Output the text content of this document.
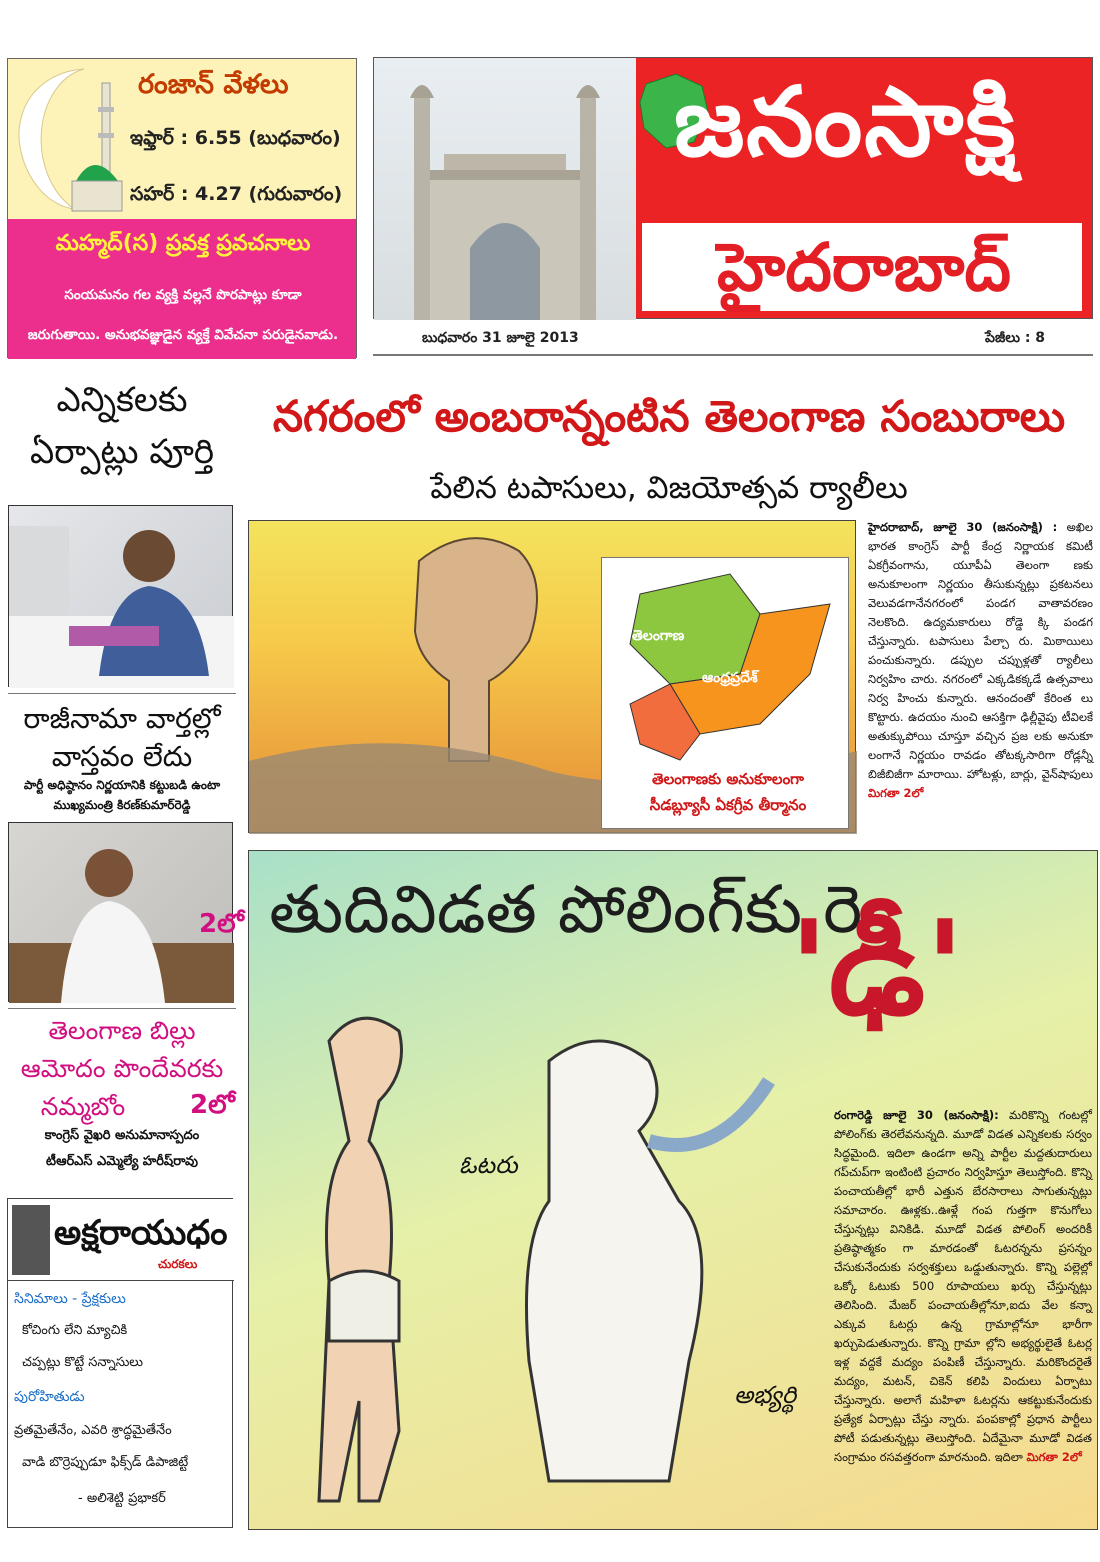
రంజాన్ వేళలు
ఇఫ్తార్ : 6.55 (బుధవారం)
సహర్ : 4.27 (గురువారం)
మహ్మద్(స) ప్రవక్త ప్రవచనాలు
సంయమనం గల వ్యక్తి వల్లనే పొరపాట్లు కూడా
జరుగుతాయి. అనుభవజ్ఞుడైన వ్యక్తే వివేచనా పరుడైనవాడు.
జనంసాక్షి
హైదరాబాద్
బుధవారం 31 జూలై 2013	పేజీలు : 8
ఎన్నికలకు
ఏర్పాట్లు పూర్తి
రాజీనామా వార్తల్లో
వాస్తవం లేదు
పార్టీ అధిష్ఠానం నిర్ణయానికి కట్టుబడి ఉంటా
ముఖ్యమంత్రి కిరణ్‌కుమార్‌రెడ్డి
2లో
తెలంగాణ బిల్లు
ఆమోదం పొందేవరకు
నమ్మబోం	2లో
కాంగ్రెస్ వైఖరి అనుమానాస్పదం
టీఆర్ఎస్ ఎమ్మెల్యే హరీష్‌రావు
నగరంలో అంబరాన్నంటిన తెలంగాణ సంబురాలు
పేలిన టపాసులు, విజయోత్సవ ర్యాలీలు
తెలంగాణ
ఆంధ్రప్రదేశ్
తెలంగాణకు అనుకూలంగా
సీడబ్ల్యూసీ ఏకగ్రీవ తీర్మానం
హైదరాబాద్, జూలై 30 (జనంసాక్షి) : అఖిల భారత కాంగ్రెస్ పార్టీ కేంద్ర నిర్ణాయక కమిటీ ఏకగ్రీవంగాను, యూపీఏ తెలంగా ణకు అనుకూలంగా నిర్ణయం తీసుకున్నట్లు ప్రకటనలు వెలువడగానేనగరంలో పండగ వాతావరణం నెలకొంది. ఉద్యమకారులు రోడ్డె క్కి పండగ చేస్తున్నారు. టపాసులు పేల్చా రు. మిఠాయిలు పంచుకున్నారు. డప్పుల చప్పుళ్లతో ర్యాలీలు నిర్వహిం చారు. నగరంలో ఎక్కడికక్కడే ఉత్సవాలు నిర్వ హించు కున్నారు. ఆనందంతో కేరింత లు కొట్టారు. ఉదయం నుంచి ఆసక్తిగా ఢిల్లీవైపు టీవిలకే అతుక్కుపోయి చూస్తూ వచ్చిన ప్రజ లకు అనుకూ లంగానే నిర్ణయం రావడం తోటక్కసారిగా రోడ్లన్నీ బిజీబిజీగా మారాయి. హోటళ్లు, బార్లు, వైన్‌షాపులు మిగతా 2లో
తుదివిడత పోలింగ్‌కు రె
'ఢీ'
ఓటరు
అభ్యర్థి
రంగారెడ్డి జూలై 30 (జనంసాక్షి): మరికొన్ని గంటల్లో పోలింగ్‌కు తెరలేవనున్నది. మూడో విడత ఎన్నికలకు సర్వం సిద్ధమైంది. ఇదిలా ఉండగా అన్ని పార్టీల మద్దతుదారులు గప్‌చుప్‌గా ఇంటింటి ప్రచారం నిర్వహిస్తూ తెలుస్తోంది. కొన్ని పంచాయతీల్లో భారీ ఎత్తున బేరసారాలు సాగుతున్నట్లు సమాచారం. ఊళ్లకు..ఊళ్లే గంప గుత్తగా కొనుగోలు చేస్తున్నట్లు వినికిడి. మూడో విడత పోలింగ్ అందరికీ ప్రతిష్ఠాత్మకం గా మారడంతో ఓటరన్నను ప్రసన్నం చేసుకునేందుకు సర్వశక్తులు ఒడ్డుతున్నారు. కొన్ని పల్లెల్లో ఒక్కో ఓటుకు 500 రూపాయలు ఖర్చు చేస్తున్నట్లు తెలిసింది. మేజర్ పంచాయతీల్లోనూ,ఐదు వేల కన్నా ఎక్కువ ఓటర్లు ఉన్న గ్రామాల్లోనూ భారీగా ఖర్చుపెడుతున్నారు. కొన్ని గ్రామా ల్లోని అభ్యర్థులైతే ఓటర్ల ఇళ్ల వద్దకే మద్యం పంపిణీ చేస్తున్నారు. మరికొందరైతే మద్యం, మటన్, చికెన్ కలిపి విందులు ఏర్పాటు చేస్తున్నారు. అలాగే మహిళా ఓటర్లను ఆకట్టుకునేందుకు ప్రత్యేక ఏర్పాట్లు చేస్తు న్నారు. పంపకాల్లో ప్రధాన పార్టీలు పోటీ పడుతున్నట్లు తెలుస్తోంది. ఏదేమైనా మూడో విడత సంగ్రామం రసవత్తరంగా మారనుంది. ఇదిలా మిగతా 2లో
అక్షరాయుధం
చురకలు
సినిమాలు - ప్రేక్షకులు
కోచింగు లేని మ్యాచికి
చప్పట్లు కొట్టే సన్నాసులు
పురోహితుడు
వ్రతమైతేనేం, ఎవరి శ్రాద్ధమైతేనేం
వాడి బొర్రెప్పుడూ ఫిక్స్‌డ్ డిపాజిట్టే
- అలిశెట్టి ప్రభాకర్
